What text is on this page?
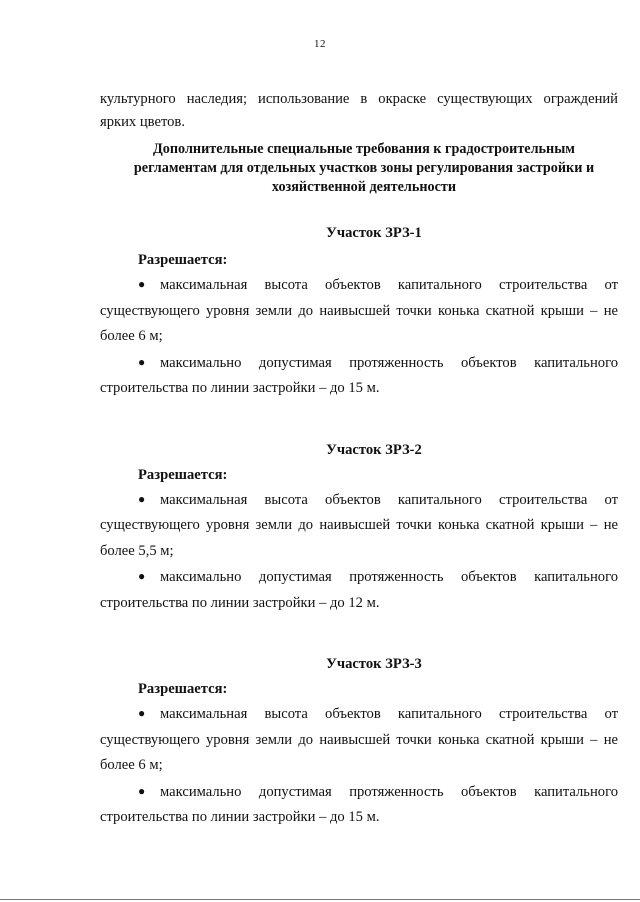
12

культурного наследия; использование в окраске существующих ограждений

ярких цветов.

Дополнительные специальные требования к градостроительным
регламентам для отдельных участков зоны регулирования застройки и
хозяйственной деятельности

Участок ЗРЗ-1

Разрешается:

● максимальная высота объектов капитального строительства от

существующего уровня земли до наивысшей точки конька скатной крыши – не

более 6 м;

● максимально допустимая протяженность объектов капитального

строительства по линии застройки – до 15 м.

Участок ЗРЗ-2

Разрешается:

● максимальная высота объектов капитального строительства от

существующего уровня земли до наивысшей точки конька скатной крыши – не

более 5,5 м;

● максимально допустимая протяженность объектов капитального

строительства по линии застройки – до 12 м.

Участок ЗРЗ-3

Разрешается:

● максимальная высота объектов капитального строительства от

существующего уровня земли до наивысшей точки конька скатной крыши – не

более 6 м;

● максимально допустимая протяженность объектов капитального

строительства по линии застройки – до 15 м.
